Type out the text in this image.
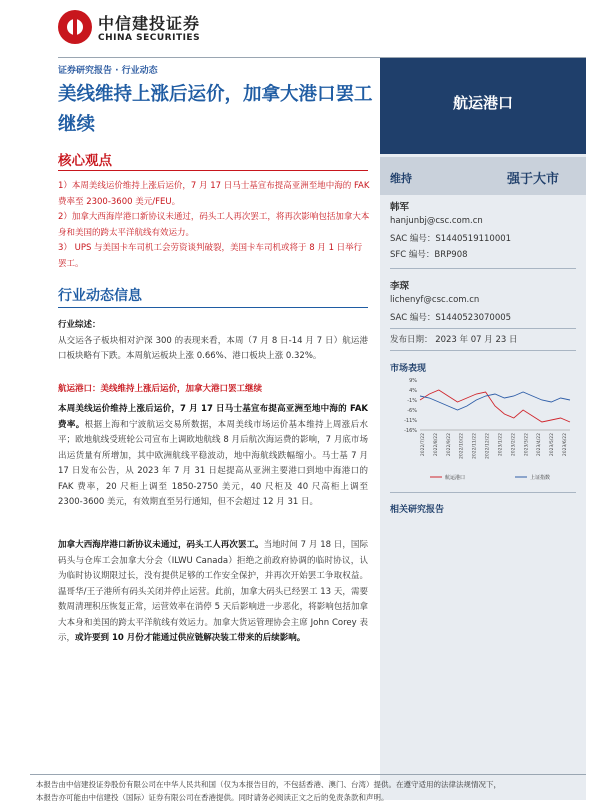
中信建投证券
CHINA SECURITIES
证券研究报告 · 行业动态
美线维持上涨后运价，加拿大港口罢工继续
航运港口
维持	强于大市
韩军
hanjunbj@csc.com.cn
SAC 编号：S1440519110001
SFC 编号：BRP908
李琛
lichenyf@csc.com.cn
SAC 编号：S1440523070005
发布日期： 2023 年 07 月 23 日
市场表现
9%
4%
-1%
-6%
-11%
-16%
2022/7/22 2022/8/22 2022/9/22 2022/10/22 2022/11/22 2022/12/22 2023/1/22 2023/2/22 2023/3/22 2023/4/22 2023/5/22 2023/6/22
航运港口	上证指数
相关研究报告
核心观点
1）本周美线运价维持上涨后运价，7 月 17 日马士基宣布提高亚洲至地中海的 FAK 费率至 2300-3600 美元/FEU。
2）加拿大西海岸港口新协议未通过，码头工人再次罢工，将再次影响包括加拿大本身和美国的跨太平洋航线有效运力。
3） UPS 与美国卡车司机工会劳资谈判破裂，美国卡车司机或将于 8 月 1 日举行罢工。
行业动态信息
行业综述：
从交运各子板块相对沪深 300 的表现来看，本周（7 月 8 日-14 月 7 日）航运港口板块略有下跌。本周航运板块上涨 0.66%、港口板块上涨 0.32%。
航运港口：美线维持上涨后运价，加拿大港口罢工继续
本周美线运价维持上涨后运价，7 月 17 日马士基宣布提高亚洲至地中海的 FAK 费率。根据上海和宁波航运交易所数据，本周美线市场运价基本维持上周涨后水平；欧地航线受班轮公司宣布上调欧地航线 8 月后航次海运费的影响，7 月底市场出运货量有所增加，其中欧洲航线平稳波动，地中海航线跌幅缩小。马士基 7 月 17 日发布公告，从 2023 年 7 月 31 日起提高从亚洲主要港口到地中海港口的 FAK 费率，20 尺柜上调至 1850-2750 美元，40 尺柜及 40 尺高柜上调至 2300-3600 美元，有效期直至另行通知，但不会超过 12 月 31 日。
加拿大西海岸港口新协议未通过，码头工人再次罢工。当地时间 7 月 18 日，国际码头与仓库工会加拿大分会（ILWU Canada）拒绝之前政府协调的临时协议，认为临时协议期限过长，没有提供足够的工作安全保护，并再次开始罢工争取权益。温哥华/王子港所有码头关闭并停止运营。此前，加拿大码头已经罢工 13 天，需要数周清理积压恢复正常，运营效率在消停 5 天后影响进一步恶化，将影响包括加拿大本身和美国的跨太平洋航线有效运力。加拿大货运管理协会主席 John Corey 表示，或许要到 10 月份才能通过供应链解决装工带来的后续影响。
本报告由中信建投证券股份有限公司在中华人民共和国（仅为本报告目的，不包括香港、澳门、台湾）提供。在遵守适用的法律法规情况下，
本报告亦可能由中信建投（国际）证券有限公司在香港提供。同时请务必阅读正文之后的免责条款和声明。
